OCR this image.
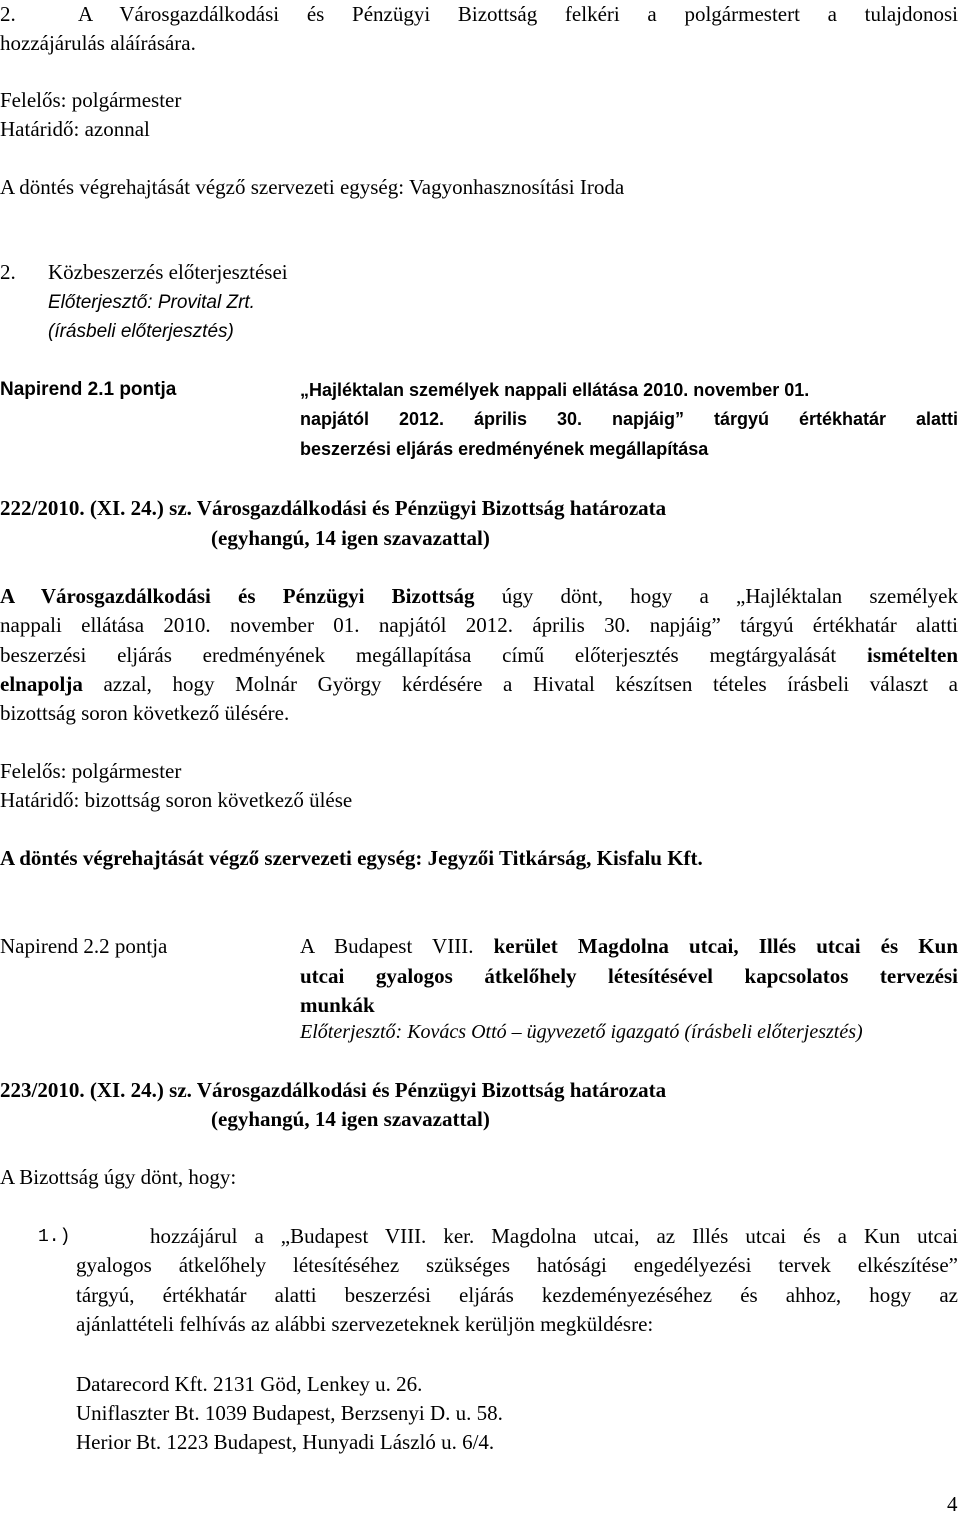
2.	A Városgazdálkodási és Pénzügyi Bizottság felkéri a polgármestert a tulajdonosi
hozzájárulás aláírására.
Felelős: polgármester
Határidő: azonnal
A döntés végrehajtását végző szervezeti egység: Vagyonhasznosítási Iroda
2. Közbeszerzés előterjesztései
Előterjesztő: Provital Zrt.
(írásbeli előterjesztés)
Napirend 2.1 pontja	„Hajléktalan személyek nappali ellátása 2010. november 01.
napjától 2012. április 30. napjáig” tárgyú értékhatár alatti
beszerzési eljárás eredményének megállapítása
222/2010. (XI. 24.) sz. Városgazdálkodási és Pénzügyi Bizottság határozata
(egyhangú, 14 igen szavazattal)
A Városgazdálkodási és Pénzügyi Bizottság úgy dönt, hogy a „Hajléktalan személyek
nappali ellátása 2010. november 01. napjától 2012. április 30. napjáig” tárgyú értékhatár alatti
beszerzési eljárás eredményének megállapítása című előterjesztés megtárgyalását ismételten
elnapolja azzal, hogy Molnár György kérdésére a Hivatal készítsen tételes írásbeli választ a
bizottság soron következő ülésére.
Felelős: polgármester
Határidő: bizottság soron következő ülése
A döntés végrehajtását végző szervezeti egység: Jegyzői Titkárság, Kisfalu Kft.
Napirend 2.2 pontja	A Budapest VIII. kerület Magdolna utcai, Illés utcai és Kun
utcai gyalogos átkelőhely létesítésével kapcsolatos tervezési
munkák
Előterjesztő: Kovács Ottó – ügyvezető igazgató (írásbeli előterjesztés)
223/2010. (XI. 24.) sz. Városgazdálkodási és Pénzügyi Bizottság határozata
(egyhangú, 14 igen szavazattal)
A Bizottság úgy dönt, hogy:
1.)	hozzájárul a „Budapest VIII. ker. Magdolna utcai, az Illés utcai és a Kun utcai
gyalogos átkelőhely létesítéséhez szükséges hatósági engedélyezési tervek elkészítése”
tárgyú, értékhatár alatti beszerzési eljárás kezdeményezéséhez és ahhoz, hogy az
ajánlattételi felhívás az alábbi szervezeteknek kerüljön megküldésre:
Datarecord Kft. 2131 Göd, Lenkey u. 26.
Uniflaszter Bt. 1039 Budapest, Berzsenyi D. u. 58.
Herior Bt. 1223 Budapest, Hunyadi László u. 6/4.
4
